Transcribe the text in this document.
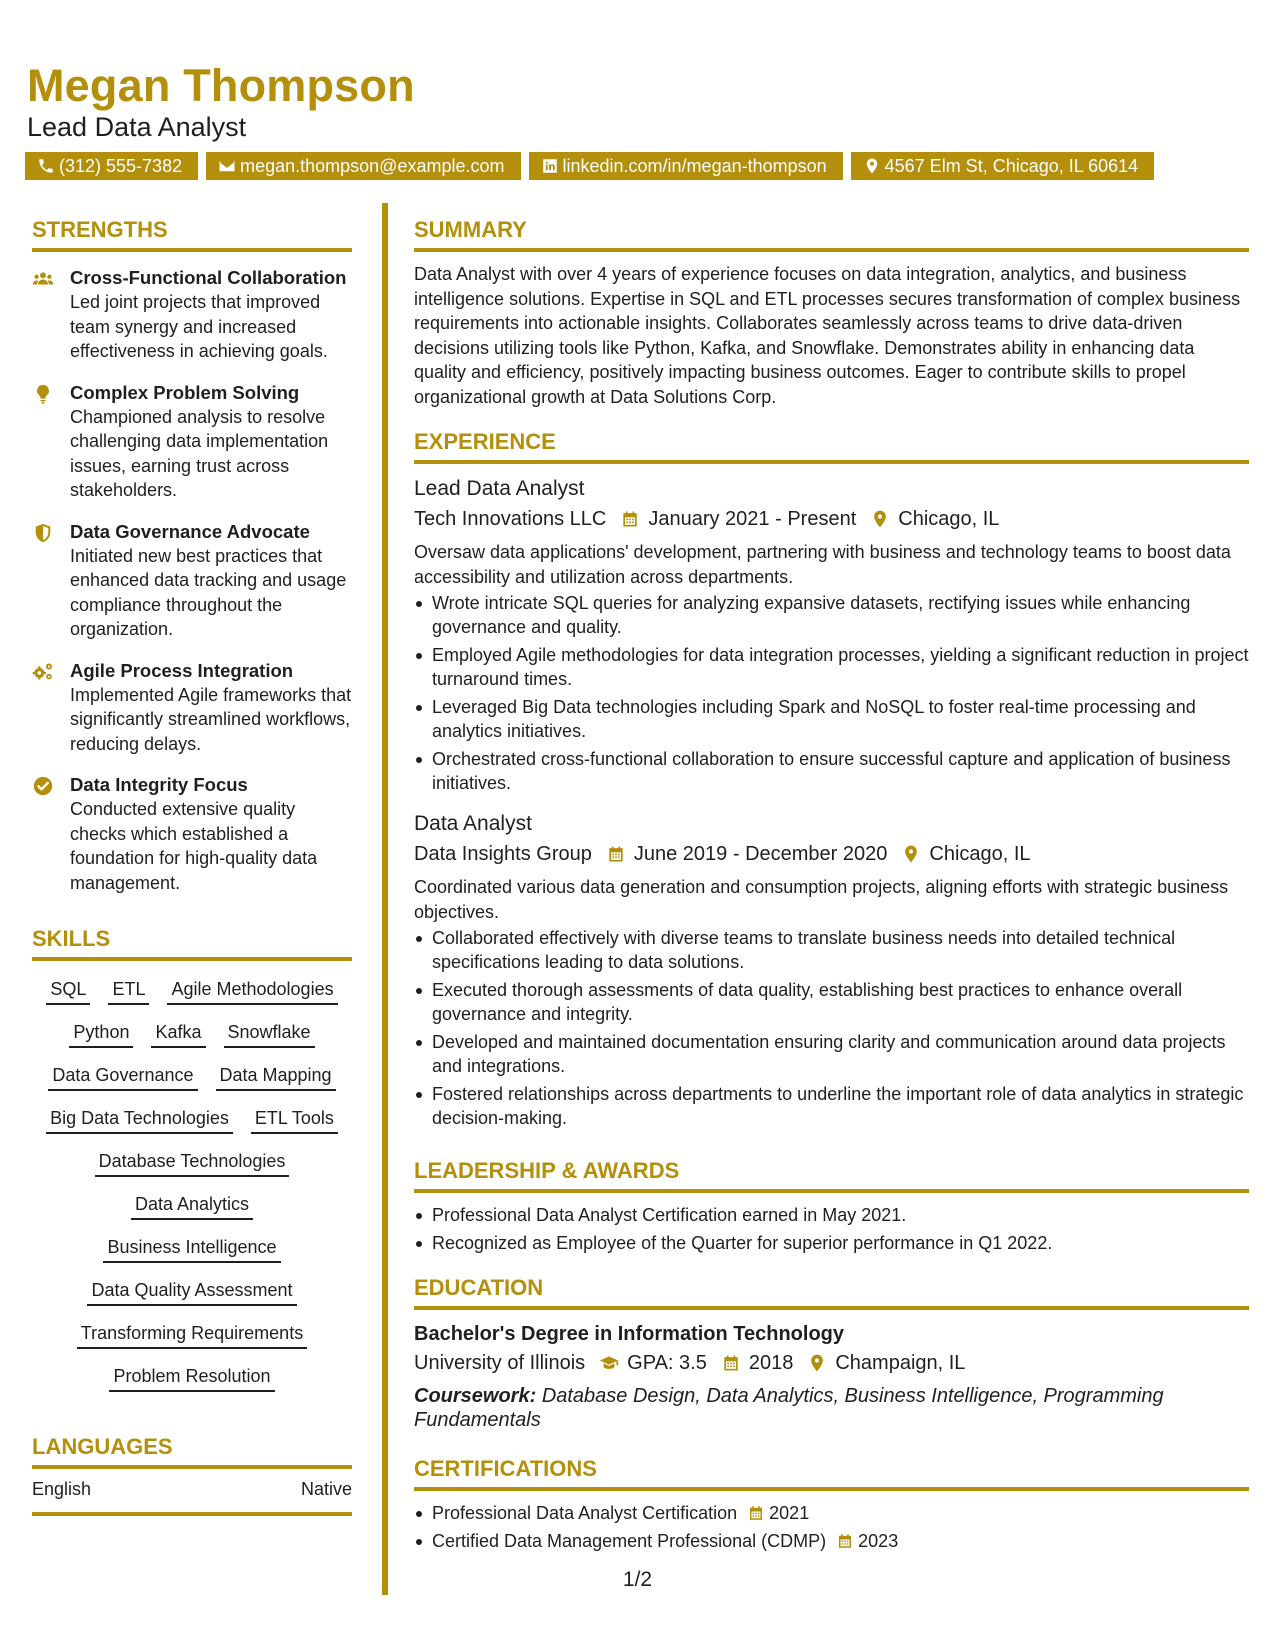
Megan Thompson
Lead Data Analyst
(312) 555-7382	megan.thompson@example.com	linkedin.com/in/megan-thompson	4567 Elm St, Chicago, IL 60614
STRENGTHS
Cross-Functional Collaboration
Led joint projects that improved team synergy and increased effectiveness in achieving goals.
Complex Problem Solving
Championed analysis to resolve challenging data implementation issues, earning trust across stakeholders.
Data Governance Advocate
Initiated new best practices that enhanced data tracking and usage compliance throughout the organization.
Agile Process Integration
Implemented Agile frameworks that significantly streamlined workflows, reducing delays.
Data Integrity Focus
Conducted extensive quality checks which established a foundation for high-quality data management.
SKILLS
SQL ETL Agile Methodologies
Python Kafka Snowflake
Data Governance Data Mapping
Big Data Technologies ETL Tools
Database Technologies
Data Analytics
Business Intelligence
Data Quality Assessment
Transforming Requirements
Problem Resolution
LANGUAGES
English	Native
SUMMARY
Data Analyst with over 4 years of experience focuses on data integration, analytics, and business intelligence solutions. Expertise in SQL and ETL processes secures transformation of complex business requirements into actionable insights. Collaborates seamlessly across teams to drive data-driven decisions utilizing tools like Python, Kafka, and Snowflake. Demonstrates ability in enhancing data quality and efficiency, positively impacting business outcomes. Eager to contribute skills to propel organizational growth at Data Solutions Corp.
EXPERIENCE
Lead Data Analyst
Tech Innovations LLC January 2021 - Present Chicago, IL
Oversaw data applications' development, partnering with business and technology teams to boost data accessibility and utilization across departments.
Wrote intricate SQL queries for analyzing expansive datasets, rectifying issues while enhancing governance and quality.
Employed Agile methodologies for data integration processes, yielding a significant reduction in project turnaround times.
Leveraged Big Data technologies including Spark and NoSQL to foster real-time processing and analytics initiatives.
Orchestrated cross-functional collaboration to ensure successful capture and application of business initiatives.
Data Analyst
Data Insights Group June 2019 - December 2020 Chicago, IL
Coordinated various data generation and consumption projects, aligning efforts with strategic business objectives.
Collaborated effectively with diverse teams to translate business needs into detailed technical specifications leading to data solutions.
Executed thorough assessments of data quality, establishing best practices to enhance overall governance and integrity.
Developed and maintained documentation ensuring clarity and communication around data projects and integrations.
Fostered relationships across departments to underline the important role of data analytics in strategic decision-making.
LEADERSHIP & AWARDS
Professional Data Analyst Certification earned in May 2021.
Recognized as Employee of the Quarter for superior performance in Q1 2022.
EDUCATION
Bachelor's Degree in Information Technology
University of Illinois GPA: 3.5 2018 Champaign, IL
Coursework: Database Design, Data Analytics, Business Intelligence, Programming Fundamentals
CERTIFICATIONS
Professional Data Analyst Certification 2021
Certified Data Management Professional (CDMP) 2023
1/2
